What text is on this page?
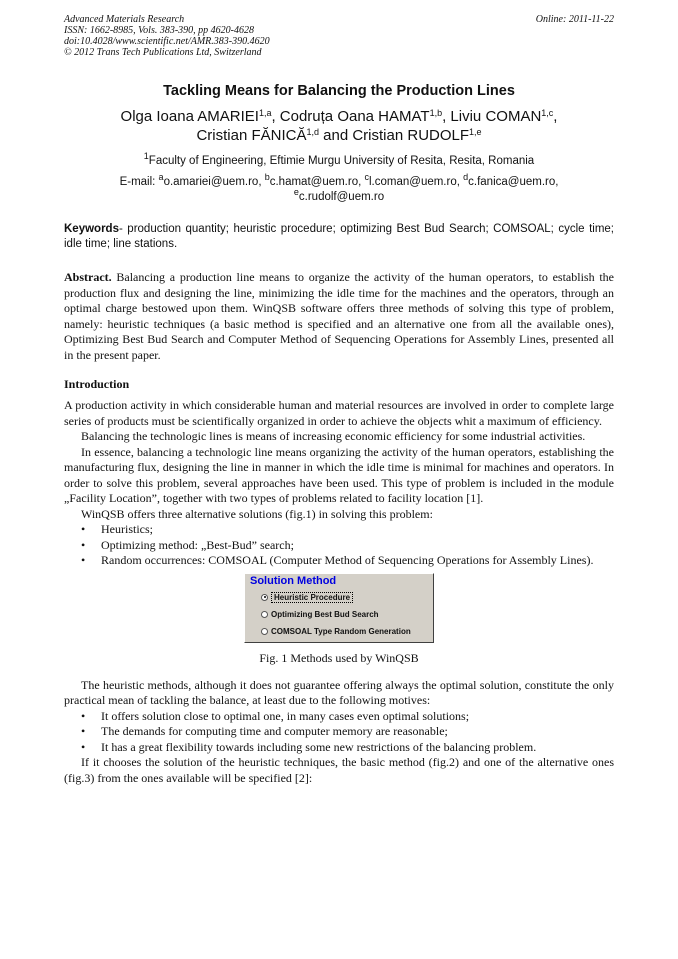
Advanced Materials Research
ISSN: 1662-8985, Vols. 383-390, pp 4620-4628
doi:10.4028/www.scientific.net/AMR.383-390.4620
© 2012 Trans Tech Publications Ltd, Switzerland
Online: 2011-11-22
Tackling Means for Balancing the Production Lines
Olga Ioana AMARIEI$^{1,a}$, Codruța Oana HAMAT$^{1,b}$, Liviu COMAN$^{1,c}$,
Cristian FĂNICĂ$^{1,d}$ and Cristian RUDOLF$^{1,e}$
$^1$Faculty of Engineering, Eftimie Murgu University of Resita, Resita, Romania
E-mail: $^a$o.amariei@uem.ro, $^b$c.hamat@uem.ro, $^c$l.coman@uem.ro, $^d$c.fanica@uem.ro,
$^e$c.rudolf@uem.ro
Keywords- production quantity; heuristic procedure; optimizing Best Bud Search; COMSOAL; cycle time; idle time; line stations.
Abstract. Balancing a production line means to organize the activity of the human operators, to establish the production flux and designing the line, minimizing the idle time for the machines and the operators, through an optimal charge bestowed upon them. WinQSB software offers three methods of solving this type of problem, namely: heuristic techniques (a basic method is specified and an alternative one from all the available ones), Optimizing Best Bud Search and Computer Method of Sequencing Operations for Assembly Lines, presented all in the present paper.
Introduction

A production activity in which considerable human and material resources are involved in order to complete large series of products must be scientifically organized in order to achieve the objects whit a maximum of efficiency.

Balancing the technologic lines is means of increasing economic efficiency for some industrial activities.

In essence, balancing a technologic line means organizing the activity of the human operators, establishing the manufacturing flux, designing the line in manner in which the idle time is minimal for machines and operators. In order to solve this problem, several approaches have been used. This type of problem is included in the module „Facility Location”, together with two types of problems related to facility location [1].

WinQSB offers three alternative solutions (fig.1) in solving this problem:

• Heuristics;
• Optimizing method: „Best-Bud” search;
• Random occurrences: COMSOAL (Computer Method of Sequencing Operations for Assembly Lines).
Solution Method
Heuristic Procedure
Optimizing Best Bud Search
COMSOAL Type Random Generation
Fig. 1 Methods used by WinQSB

The heuristic methods, although it does not guarantee offering always the optimal solution, constitute the only practical mean of tackling the balance, at least due to the following motives:

• It offers solution close to optimal one, in many cases even optimal solutions;
• The demands for computing time and computer memory are reasonable;
• It has a great flexibility towards including some new restrictions of the balancing problem.

If it chooses the solution of the heuristic techniques, the basic method (fig.2) and one of the alternative ones (fig.3) from the ones available will be specified [2]:
